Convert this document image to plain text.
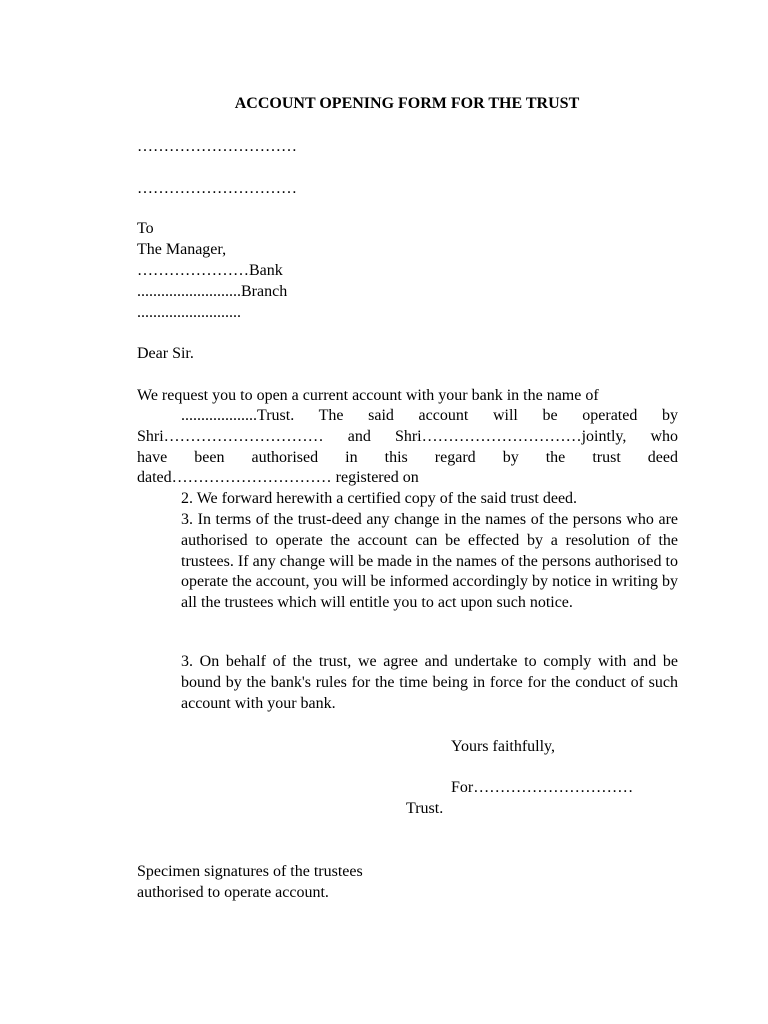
ACCOUNT OPENING FORM FOR THE TRUST
…………………………
…………………………
To
The Manager,
…………………Bank
..........................Branch
..........................
Dear Sir.
We request you to open a current account with your bank in the name of
...................Trust. The said account will be operated by
Shri………………………… and Shri…………………………jointly, who
have been authorised in this regard by the trust deed
dated………………………… registered on
2. We forward herewith a certified copy of the said trust deed.

3. In terms of the trust-deed any change in the names of the persons who are authorised to operate the account can be effected by a resolution of the trustees. If any change will be made in the names of the persons authorised to operate the account, you will be informed accordingly by notice in writing by all the trustees which will entitle you to act upon such notice.

3. On behalf of the trust, we agree and undertake to comply with and be bound by the bank's rules for the time being in force for the conduct of such account with your bank.

Yours faithfully,
For…………………………
Trust.
Specimen signatures of the trustees
authorised to operate account.
